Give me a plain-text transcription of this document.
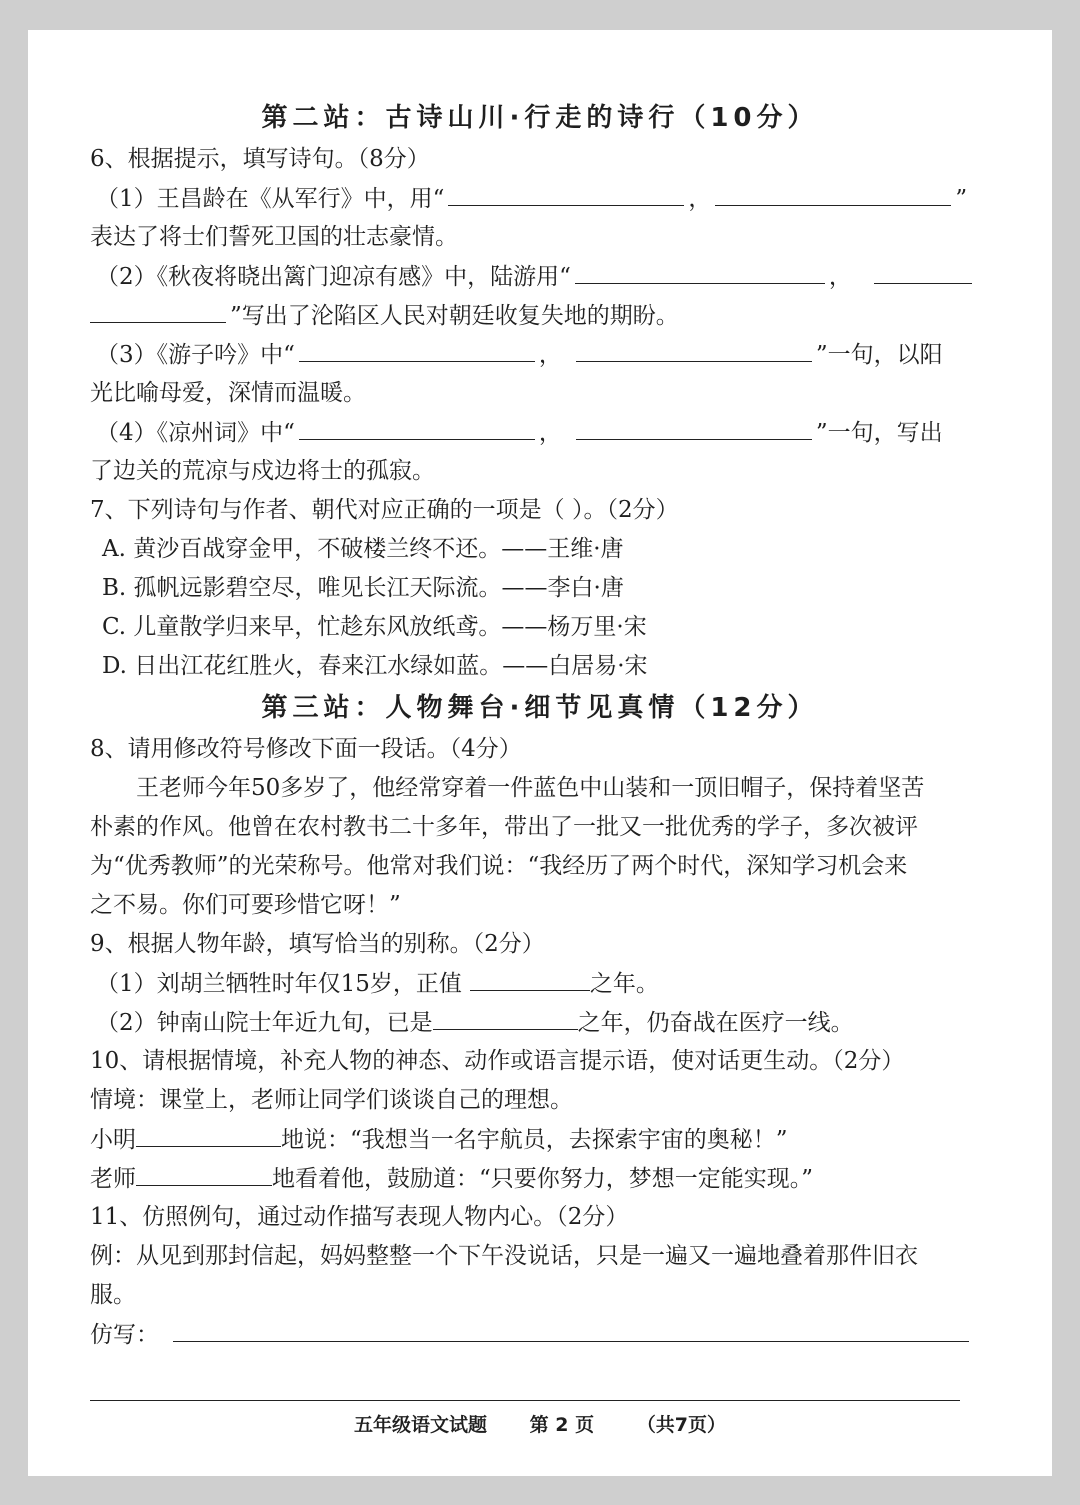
第二站：古诗山川·行走的诗行（10分）
6、根据提示，填写诗句。（8分）
（1）王昌龄在《从军行》中，用“	，	”
表达了将士们誓死卫国的壮志豪情。
（2）《秋夜将晓出篱门迎凉有感》中，陆游用“	，
”写出了沦陷区人民对朝廷收复失地的期盼。
（3）《游子吟》中“	，	”一句，以阳
光比喻母爱，深情而温暖。
（4）《凉州词》中“	，	”一句，写出
了边关的荒凉与戍边将士的孤寂。
7、下列诗句与作者、朝代对应正确的一项是（ ）。（2分）
A. 黄沙百战穿金甲，不破楼兰终不还。——王维·唐
B. 孤帆远影碧空尽，唯见长江天际流。——李白·唐
C. 儿童散学归来早，忙趁东风放纸鸢。——杨万里·宋
D. 日出江花红胜火，春来江水绿如蓝。——白居易·宋
第三站：人物舞台·细节见真情（12分）
8、请用修改符号修改下面一段话。（4分）
王老师今年50多岁了，他经常穿着一件蓝色中山装和一顶旧帽子，保持着坚苦
朴素的作风。他曾在农村教书二十多年，带出了一批又一批优秀的学子，多次被评
为“优秀教师”的光荣称号。他常对我们说：“我经历了两个时代，深知学习机会来
之不易。你们可要珍惜它呀！”
9、根据人物年龄，填写恰当的别称。（2分）
（1）刘胡兰牺牲时年仅15岁，正值	之年。
（2）钟南山院士年近九旬，已是	之年，仍奋战在医疗一线。
10、请根据情境，补充人物的神态、动作或语言提示语，使对话更生动。（2分）
情境：课堂上，老师让同学们谈谈自己的理想。
小明	地说：“我想当一名宇航员，去探索宇宙的奥秘！”
老师	地看着他，鼓励道：“只要你努力，梦想一定能实现。”
11、仿照例句，通过动作描写表现人物内心。（2分）
例：从见到那封信起，妈妈整整一个下午没说话，只是一遍又一遍地叠着那件旧衣
服。
仿写：
五年级语文试题 第 2 页 （共7页）
